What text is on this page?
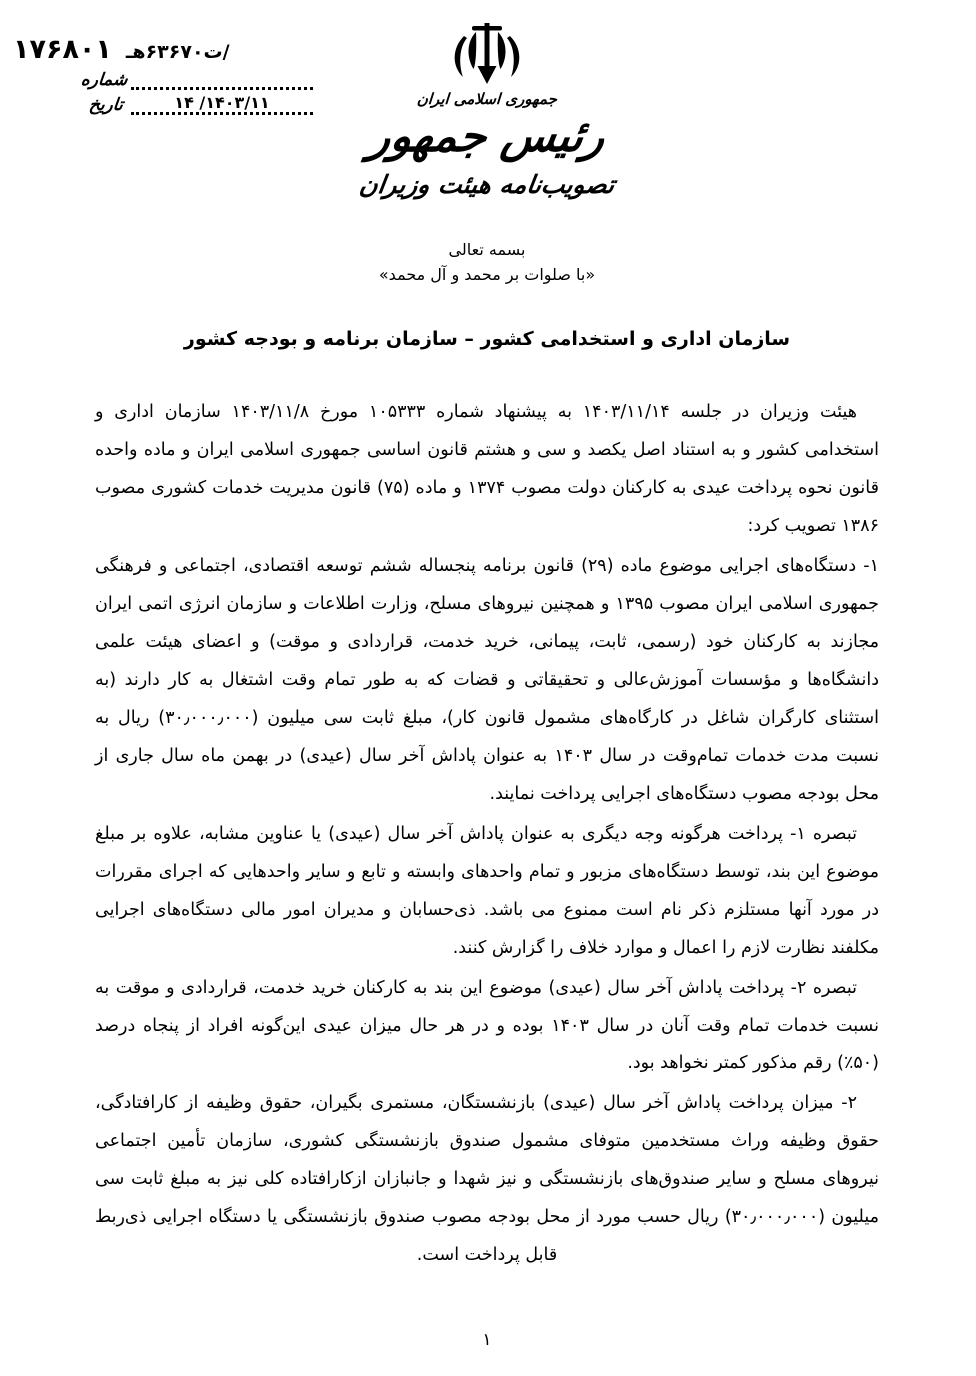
۱۷۶۸۰۱ /ت۶۳۶۷۰هـ
شماره
۱۴۰۳/۱۱/ ۱۴
تاریخ	جمهوری اسلامی ایران
رئیس جمهور
تصویب‌نامه هیئت وزیران
بسمه تعالی
«با صلوات بر محمد و آل محمد»
سازمان اداری و استخدامی کشور – سازمان برنامه و بودجه کشور

هیئت وزیران در جلسه ۱۴۰۳/۱۱/۱۴ به پیشنهاد شماره ۱۰۵۳۳۳ مورخ ۱۴۰۳/۱۱/۸ سازمان اداری و استخدامی کشور و به استناد اصل یکصد و سی و هشتم قانون اساسی جمهوری اسلامی ایران و ماده واحده قانون نحوه پرداخت عیدی به کارکنان دولت مصوب ۱۳۷۴ و ماده (۷۵) قانون مدیریت خدمات کشوری مصوب ۱۳۸۶ تصویب کرد:

۱- دستگاه‌های اجرایی موضوع ماده (۲۹) قانون برنامه پنجساله ششم توسعه اقتصادی، اجتماعی و فرهنگی جمهوری اسلامی ایران مصوب ۱۳۹۵ و همچنین نیروهای مسلح، وزارت اطلاعات و سازمان انرژی اتمی ایران مجازند به کارکنان خود (رسمی، ثابت، پیمانی، خرید خدمت، قراردادی و موقت) و اعضای هیئت علمی دانشگاه‌ها و مؤسسات آموزش‌عالی و تحقیقاتی و قضات که به طور تمام وقت اشتغال به کار دارند (به استثنای کارگران شاغل در کارگاه‌های مشمول قانون کار)، مبلغ ثابت سی میلیون (۳۰٫۰۰۰٫۰۰۰) ریال به نسبت مدت خدمات تمام‌وقت در سال ۱۴۰۳ به عنوان پاداش آخر سال (عیدی) در بهمن ماه سال جاری از محل بودجه مصوب دستگاه‌های اجرایی پرداخت نمایند.

تبصره ۱- پرداخت هرگونه وجه دیگری به عنوان پاداش آخر سال (عیدی) یا عناوین مشابه، علاوه بر مبلغ موضوع این بند، توسط دستگاه‌های مزبور و تمام واحدهای وابسته و تابع و سایر واحدهایی که اجرای مقررات در مورد آنها مستلزم ذکر نام است ممنوع می باشد. ذی‌حسابان و مدیران امور مالی دستگاه‌های اجرایی مکلفند نظارت لازم را اعمال و موارد خلاف را گزارش کنند.

تبصره ۲- پرداخت پاداش آخر سال (عیدی) موضوع این بند به کارکنان خرید خدمت، قراردادی و موقت به نسبت خدمات تمام وقت آنان در سال ۱۴۰۳ بوده و در هر حال میزان عیدی این‌گونه افراد از پنجاه درصد (۵۰٪) رقم مذکور کمتر نخواهد بود.

۲- میزان پرداخت پاداش آخر سال (عیدی) بازنشستگان، مستمری بگیران، حقوق وظیفه از کارافتادگی، حقوق وظیفه وراث مستخدمین متوفای مشمول صندوق بازنشستگی کشوری، سازمان تأمین اجتماعی نیروهای مسلح و سایر صندوق‌های بازنشستگی و نیز شهدا و جانبازان ازکارافتاده کلی نیز به مبلغ ثابت سی میلیون (۳۰٫۰۰۰٫۰۰۰) ریال حسب مورد از محل بودجه مصوب صندوق بازنشستگی یا دستگاه اجرایی ذی‌ربط قابل پرداخت است.

۱
